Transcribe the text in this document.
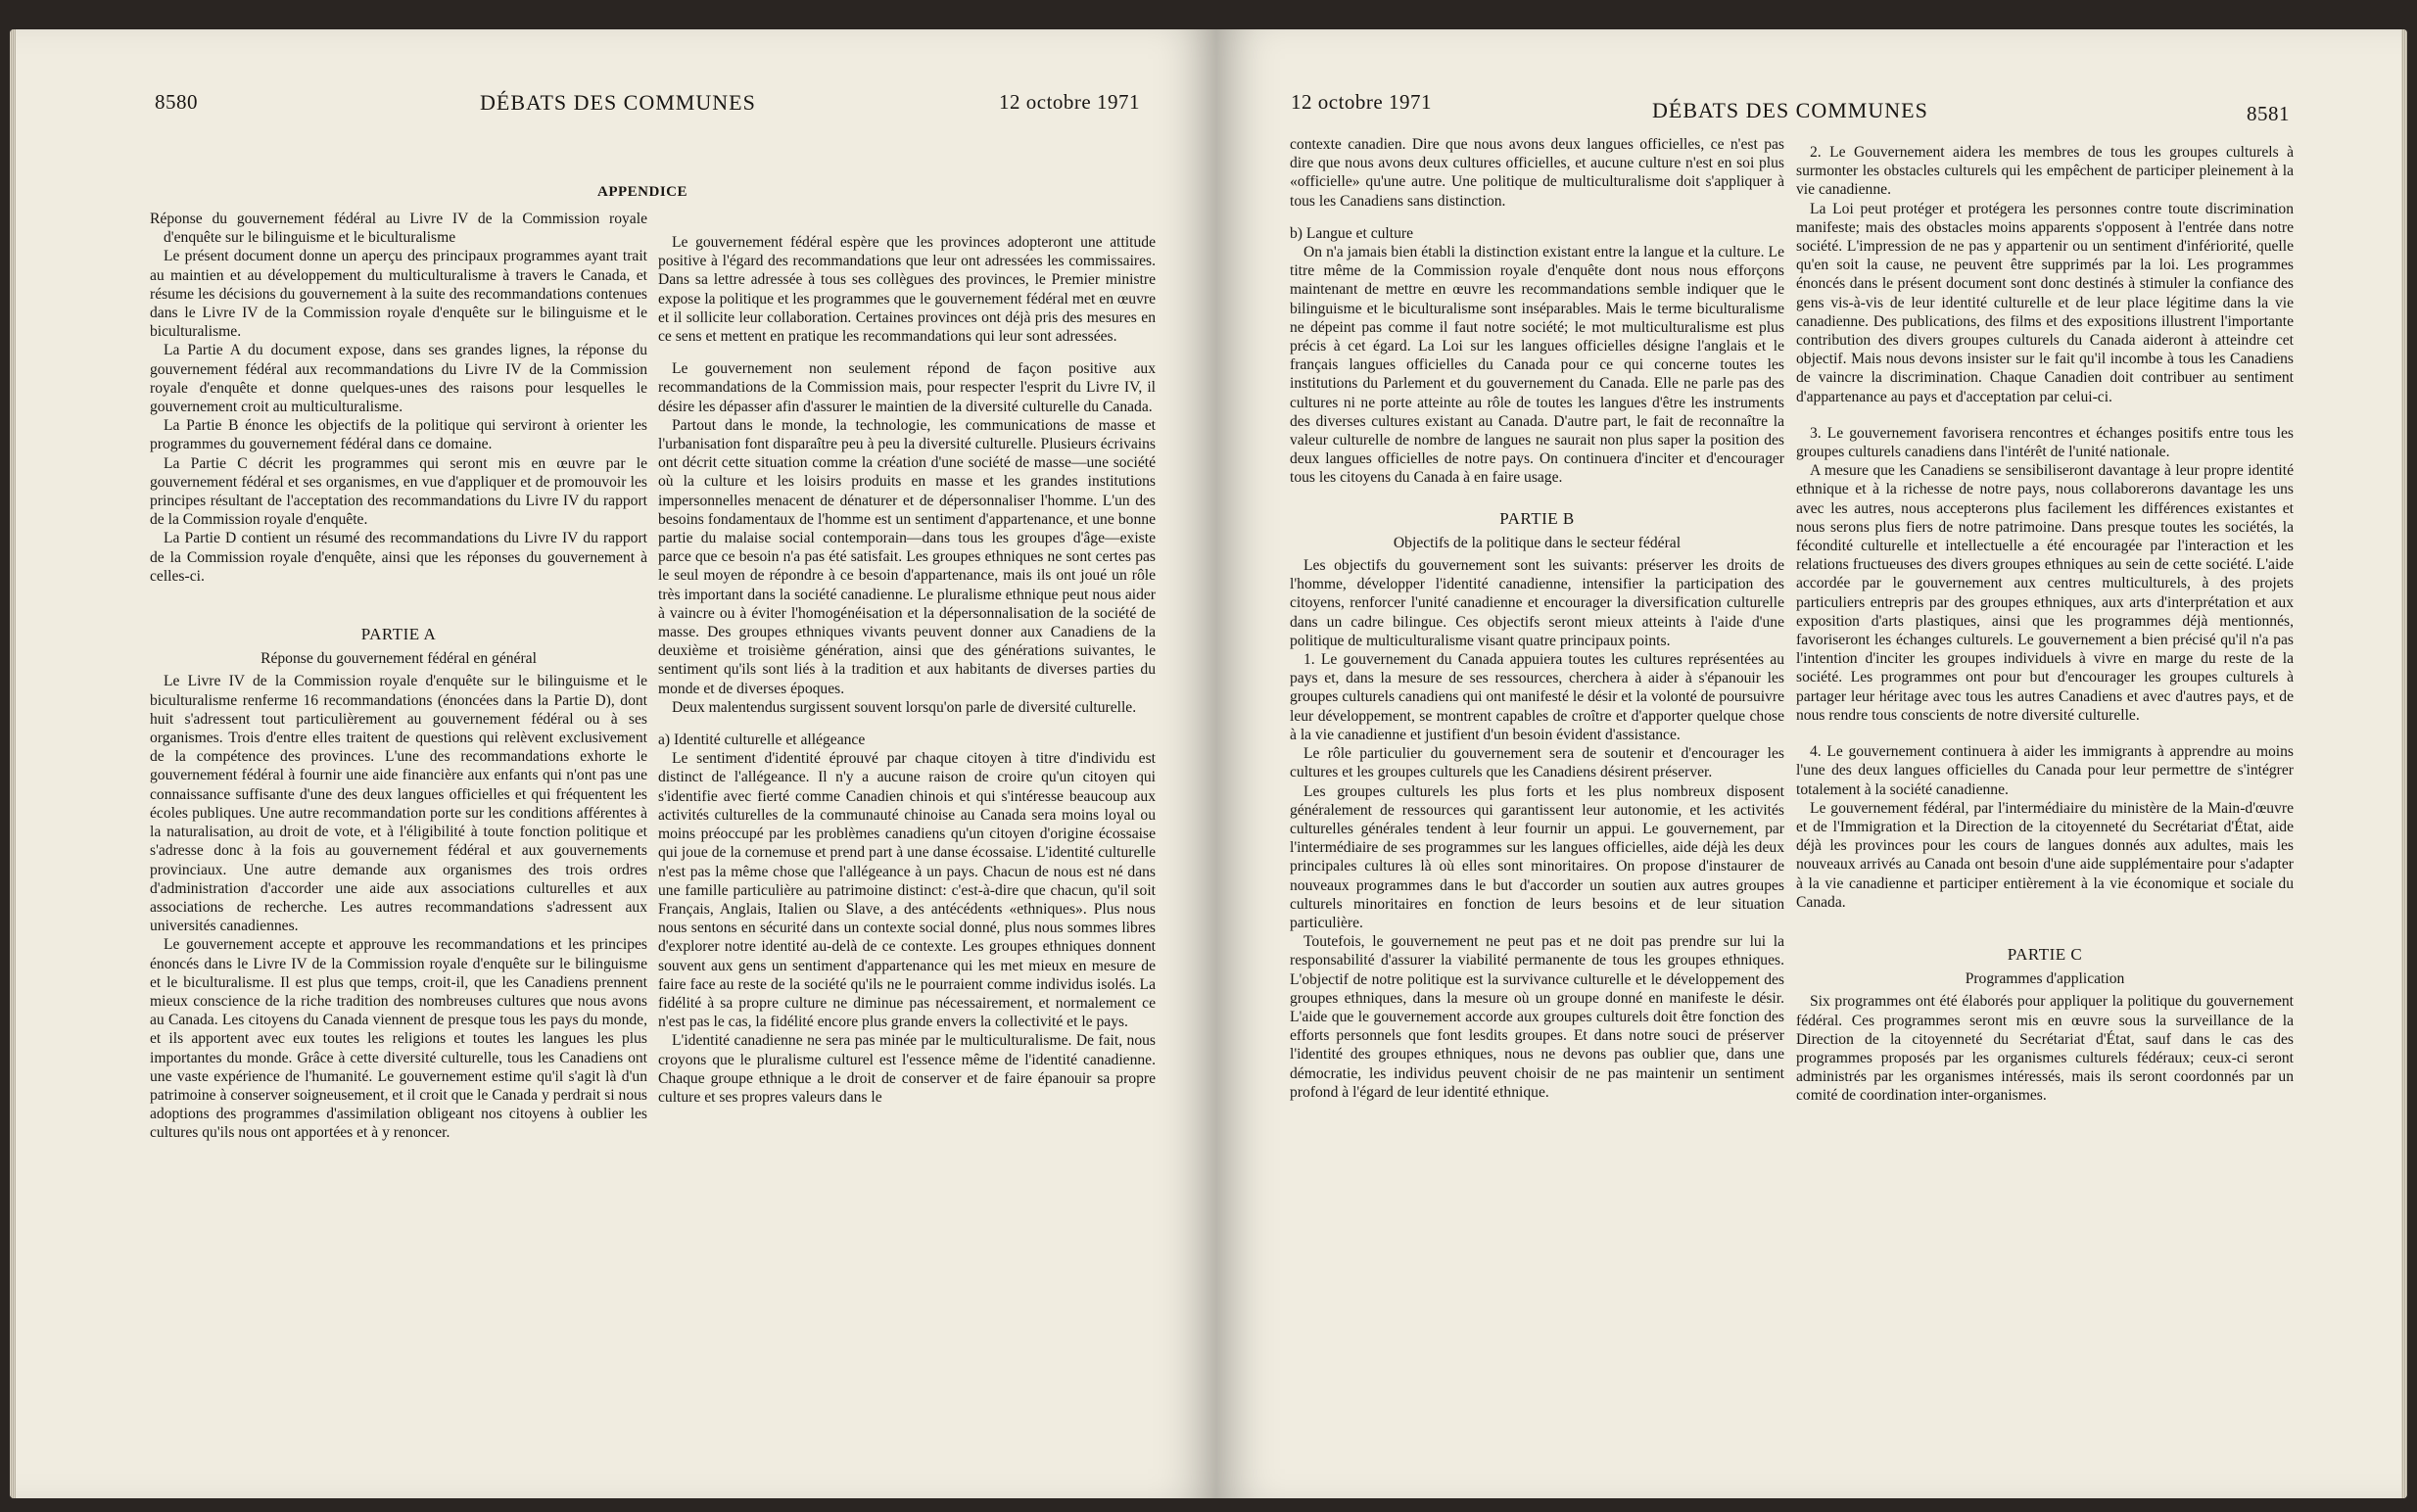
8580	DÉBATS DES COMMUNES	12 octobre 1971
APPENDICE

Réponse du gouvernement fédéral au Livre IV de la Commission royale d'enquête sur le bilinguisme et le biculturalisme

Le présent document donne un aperçu des principaux programmes ayant trait au maintien et au développement du multiculturalisme à travers le Canada, et résume les décisions du gouvernement à la suite des recommandations contenues dans le Livre IV de la Commission royale d'enquête sur le bilinguisme et le biculturalisme.

La Partie A du document expose, dans ses grandes lignes, la réponse du gouvernement fédéral aux recommandations du Livre IV de la Commission royale d'enquête et donne quelques-unes des raisons pour lesquelles le gouvernement croit au multiculturalisme.

La Partie B énonce les objectifs de la politique qui serviront à orienter les programmes du gouvernement fédéral dans ce domaine.

La Partie C décrit les programmes qui seront mis en œuvre par le gouvernement fédéral et ses organismes, en vue d'appliquer et de promouvoir les principes résultant de l'acceptation des recommandations du Livre IV du rapport de la Commission royale d'enquête.

La Partie D contient un résumé des recommandations du Livre IV du rapport de la Commission royale d'enquête, ainsi que les réponses du gouvernement à celles-ci.

PARTIE A
Réponse du gouvernement fédéral en général

Le Livre IV de la Commission royale d'enquête sur le bilinguisme et le biculturalisme renferme 16 recommandations (énoncées dans la Partie D), dont huit s'adressent tout particulièrement au gouvernement fédéral ou à ses organismes. Trois d'entre elles traitent de questions qui relèvent exclusivement de la compétence des provinces. L'une des recommandations exhorte le gouvernement fédéral à fournir une aide financière aux enfants qui n'ont pas une connaissance suffisante d'une des deux langues officielles et qui fréquentent les écoles publiques. Une autre recommandation porte sur les conditions afférentes à la naturalisation, au droit de vote, et à l'éligibilité à toute fonction politique et s'adresse donc à la fois au gouvernement fédéral et aux gouvernements provinciaux. Une autre demande aux organismes des trois ordres d'administration d'accorder une aide aux associations culturelles et aux associations de recherche. Les autres recommandations s'adressent aux universités canadiennes.

Le gouvernement accepte et approuve les recommandations et les principes énoncés dans le Livre IV de la Commission royale d'enquête sur le bilinguisme et le biculturalisme. Il est plus que temps, croit-il, que les Canadiens prennent mieux conscience de la riche tradition des nombreuses cultures que nous avons au Canada. Les citoyens du Canada viennent de presque tous les pays du monde, et ils apportent avec eux toutes les religions et toutes les langues les plus importantes du monde. Grâce à cette diversité culturelle, tous les Canadiens ont une vaste expérience de l'humanité. Le gouvernement estime qu'il s'agit là d'un patrimoine à conserver soigneusement, et il croit que le Canada y perdrait si nous adoptions des programmes d'assimilation obligeant nos citoyens à oublier les cultures qu'ils nous ont apportées et à y renoncer.

Le gouvernement fédéral espère que les provinces adopteront une attitude positive à l'égard des recommandations que leur ont adressées les commissaires. Dans sa lettre adressée à tous ses collègues des provinces, le Premier ministre expose la politique et les programmes que le gouvernement fédéral met en œuvre et il sollicite leur collaboration. Certaines provinces ont déjà pris des mesures en ce sens et mettent en pratique les recommandations qui leur sont adressées.

Le gouvernement non seulement répond de façon positive aux recommandations de la Commission mais, pour respecter l'esprit du Livre IV, il désire les dépasser afin d'assurer le maintien de la diversité culturelle du Canada.

Partout dans le monde, la technologie, les communications de masse et l'urbanisation font disparaître peu à peu la diversité culturelle. Plusieurs écrivains ont décrit cette situation comme la création d'une société de masse—une société où la culture et les loisirs produits en masse et les grandes institutions impersonnelles menacent de dénaturer et de dépersonnaliser l'homme. L'un des besoins fondamentaux de l'homme est un sentiment d'appartenance, et une bonne partie du malaise social contemporain—dans tous les groupes d'âge—existe parce que ce besoin n'a pas été satisfait. Les groupes ethniques ne sont certes pas le seul moyen de répondre à ce besoin d'appartenance, mais ils ont joué un rôle très important dans la société canadienne. Le pluralisme ethnique peut nous aider à vaincre ou à éviter l'homogénéisation et la dépersonnalisation de la société de masse. Des groupes ethniques vivants peuvent donner aux Canadiens de la deuxième et troisième génération, ainsi que des générations suivantes, le sentiment qu'ils sont liés à la tradition et aux habitants de diverses parties du monde et de diverses époques.

Deux malentendus surgissent souvent lorsqu'on parle de diversité culturelle.

a) Identité culturelle et allégeance

Le sentiment d'identité éprouvé par chaque citoyen à titre d'individu est distinct de l'allégeance. Il n'y a aucune raison de croire qu'un citoyen qui s'identifie avec fierté comme Canadien chinois et qui s'intéresse beaucoup aux activités culturelles de la communauté chinoise au Canada sera moins loyal ou moins préoccupé par les problèmes canadiens qu'un citoyen d'origine écossaise qui joue de la cornemuse et prend part à une danse écossaise. L'identité culturelle n'est pas la même chose que l'allégeance à un pays. Chacun de nous est né dans une famille particulière au patrimoine distinct: c'est-à-dire que chacun, qu'il soit Français, Anglais, Italien ou Slave, a des antécédents «ethniques». Plus nous nous sentons en sécurité dans un contexte social donné, plus nous sommes libres d'explorer notre identité au-delà de ce contexte. Les groupes ethniques donnent souvent aux gens un sentiment d'appartenance qui les met mieux en mesure de faire face au reste de la société qu'ils ne le pourraient comme individus isolés. La fidélité à sa propre culture ne diminue pas nécessairement, et normalement ce n'est pas le cas, la fidélité encore plus grande envers la collectivité et le pays.

L'identité canadienne ne sera pas minée par le multiculturalisme. De fait, nous croyons que le pluralisme culturel est l'essence même de l'identité canadienne. Chaque groupe ethnique a le droit de conserver et de faire épanouir sa propre culture et ses propres valeurs dans le

12 octobre 1971	DÉBATS DES COMMUNES	8581

contexte canadien. Dire que nous avons deux langues officielles, ce n'est pas dire que nous avons deux cultures officielles, et aucune culture n'est en soi plus «officielle» qu'une autre. Une politique de multiculturalisme doit s'appliquer à tous les Canadiens sans distinction.

b) Langue et culture

On n'a jamais bien établi la distinction existant entre la langue et la culture. Le titre même de la Commission royale d'enquête dont nous nous efforçons maintenant de mettre en œuvre les recommandations semble indiquer que le bilinguisme et le biculturalisme sont inséparables. Mais le terme biculturalisme ne dépeint pas comme il faut notre société; le mot multiculturalisme est plus précis à cet égard. La Loi sur les langues officielles désigne l'anglais et le français langues officielles du Canada pour ce qui concerne toutes les institutions du Parlement et du gouvernement du Canada. Elle ne parle pas des cultures ni ne porte atteinte au rôle de toutes les langues d'être les instruments des diverses cultures existant au Canada. D'autre part, le fait de reconnaître la valeur culturelle de nombre de langues ne saurait non plus saper la position des deux langues officielles de notre pays. On continuera d'inciter et d'encourager tous les citoyens du Canada à en faire usage.

PARTIE B
Objectifs de la politique dans le secteur fédéral

Les objectifs du gouvernement sont les suivants: préserver les droits de l'homme, développer l'identité canadienne, intensifier la participation des citoyens, renforcer l'unité canadienne et encourager la diversification culturelle dans un cadre bilingue. Ces objectifs seront mieux atteints à l'aide d'une politique de multiculturalisme visant quatre principaux points.

1. Le gouvernement du Canada appuiera toutes les cultures représentées au pays et, dans la mesure de ses ressources, cherchera à aider à s'épanouir les groupes culturels canadiens qui ont manifesté le désir et la volonté de poursuivre leur développement, se montrent capables de croître et d'apporter quelque chose à la vie canadienne et justifient d'un besoin évident d'assistance.

Le rôle particulier du gouvernement sera de soutenir et d'encourager les cultures et les groupes culturels que les Canadiens désirent préserver.

Les groupes culturels les plus forts et les plus nombreux disposent généralement de ressources qui garantissent leur autonomie, et les activités culturelles générales tendent à leur fournir un appui. Le gouvernement, par l'intermédiaire de ses programmes sur les langues officielles, aide déjà les deux principales cultures là où elles sont minoritaires. On propose d'instaurer de nouveaux programmes dans le but d'accorder un soutien aux autres groupes culturels minoritaires en fonction de leurs besoins et de leur situation particulière.

Toutefois, le gouvernement ne peut pas et ne doit pas prendre sur lui la responsabilité d'assurer la viabilité permanente de tous les groupes ethniques. L'objectif de notre politique est la survivance culturelle et le développement des groupes ethniques, dans la mesure où un groupe donné en manifeste le désir. L'aide que le gouvernement accorde aux groupes culturels doit être fonction des efforts personnels que font lesdits groupes. Et dans notre souci de préserver l'identité des groupes ethniques, nous ne devons pas oublier que, dans une démocratie, les individus peuvent choisir de ne pas maintenir un sentiment profond à l'égard de leur identité ethnique.

2. Le Gouvernement aidera les membres de tous les groupes culturels à surmonter les obstacles culturels qui les empêchent de participer pleinement à la vie canadienne.

La Loi peut protéger et protégera les personnes contre toute discrimination manifeste; mais des obstacles moins apparents s'opposent à l'entrée dans notre société. L'impression de ne pas y appartenir ou un sentiment d'infériorité, quelle qu'en soit la cause, ne peuvent être supprimés par la loi. Les programmes énoncés dans le présent document sont donc destinés à stimuler la confiance des gens vis-à-vis de leur identité culturelle et de leur place légitime dans la vie canadienne. Des publications, des films et des expositions illustrent l'importante contribution des divers groupes culturels du Canada aideront à atteindre cet objectif. Mais nous devons insister sur le fait qu'il incombe à tous les Canadiens de vaincre la discrimination. Chaque Canadien doit contribuer au sentiment d'appartenance au pays et d'acceptation par celui-ci.

3. Le gouvernement favorisera rencontres et échanges positifs entre tous les groupes culturels canadiens dans l'intérêt de l'unité nationale.

A mesure que les Canadiens se sensibiliseront davantage à leur propre identité ethnique et à la richesse de notre pays, nous collaborerons davantage les uns avec les autres, nous accepterons plus facilement les différences existantes et nous serons plus fiers de notre patrimoine. Dans presque toutes les sociétés, la fécondité culturelle et intellectuelle a été encouragée par l'interaction et les relations fructueuses des divers groupes ethniques au sein de cette société. L'aide accordée par le gouvernement aux centres multiculturels, à des projets particuliers entrepris par des groupes ethniques, aux arts d'interprétation et aux exposition d'arts plastiques, ainsi que les programmes déjà mentionnés, favoriseront les échanges culturels. Le gouvernement a bien précisé qu'il n'a pas l'intention d'inciter les groupes individuels à vivre en marge du reste de la société. Les programmes ont pour but d'encourager les groupes culturels à partager leur héritage avec tous les autres Canadiens et avec d'autres pays, et de nous rendre tous conscients de notre diversité culturelle.

4. Le gouvernement continuera à aider les immigrants à apprendre au moins l'une des deux langues officielles du Canada pour leur permettre de s'intégrer totalement à la société canadienne.

Le gouvernement fédéral, par l'intermédiaire du ministère de la Main-d'œuvre et de l'Immigration et la Direction de la citoyenneté du Secrétariat d'État, aide déjà les provinces pour les cours de langues donnés aux adultes, mais les nouveaux arrivés au Canada ont besoin d'une aide supplémentaire pour s'adapter à la vie canadienne et participer entièrement à la vie économique et sociale du Canada.

PARTIE C
Programmes d'application

Six programmes ont été élaborés pour appliquer la politique du gouvernement fédéral. Ces programmes seront mis en œuvre sous la surveillance de la Direction de la citoyenneté du Secrétariat d'État, sauf dans le cas des programmes proposés par les organismes culturels fédéraux; ceux-ci seront administrés par les organismes intéressés, mais ils seront coordonnés par un comité de coordination inter-organismes.
